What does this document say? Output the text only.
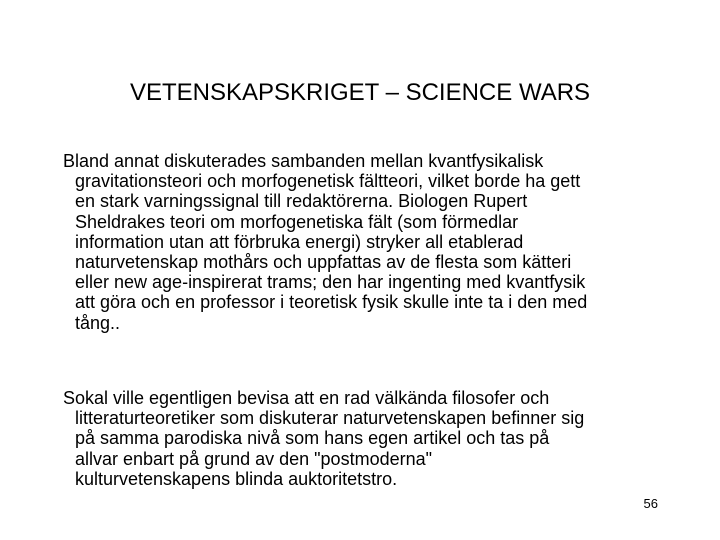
VETENSKAPSKRIGET – SCIENCE WARS

Bland annat diskuterades sambanden mellan kvantfysikalisk
gravitationsteori och morfogenetisk fältteori, vilket borde ha gett
en stark varningssignal till redaktörerna. Biologen Rupert
Sheldrakes teori om morfogenetiska fält (som förmedlar
information utan att förbruka energi) stryker all etablerad
naturvetenskap mothårs och uppfattas av de flesta som kätteri
eller new age-inspirerat trams; den har ingenting med kvantfysik
att göra och en professor i teoretisk fysik skulle inte ta i den med
tång..

Sokal ville egentligen bevisa att en rad välkända filosofer och
litteraturteoretiker som diskuterar naturvetenskapen befinner sig
på samma parodiska nivå som hans egen artikel och tas på
allvar enbart på grund av den "postmoderna"
kulturvetenskapens blinda auktoritetstro.

56
